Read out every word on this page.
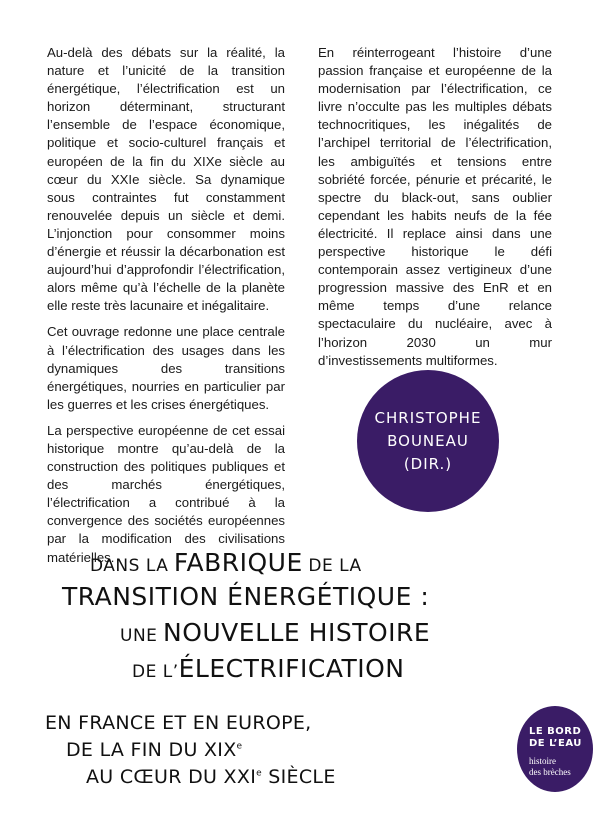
Au-delà des débats sur la réalité, la nature et l’unicité de la transition énergétique, l’électrification est un horizon déterminant, structurant l’ensemble de l’espace économique, politique et socio-culturel français et européen de la fin du XIXe siècle au cœur du XXIe siècle. Sa dynamique sous contraintes fut constamment renouvelée depuis un siècle et demi. L’injonction pour consommer moins d’énergie et réussir la décarbonation est aujourd’hui d’approfondir l’électrification, alors même qu’à l’échelle de la planète elle reste très lacunaire et inégalitaire.

Cet ouvrage redonne une place centrale à l’électrification des usages dans les dynamiques des transitions énergétiques, nourries en particulier par les guerres et les crises énergétiques.

La perspective européenne de cet essai historique montre qu’au-delà de la construction des politiques publiques et des marchés énergétiques, l’électrification a contribué à la convergence des sociétés européennes par la modification des civilisations matérielles.

En réinterrogeant l’histoire d’une passion française et européenne de la modernisation par l’électrification, ce livre n’occulte pas les multiples débats technocritiques, les inégalités de l’archipel territorial de l’électrification, les ambiguïtés et tensions entre sobriété forcée, pénurie et précarité, le spectre du black-out, sans oublier cependant les habits neufs de la fée électricité. Il replace ainsi dans une perspective historique le défi contemporain assez vertigineux d’une progression massive des EnR et en même temps d’une relance spectaculaire du nucléaire, avec à l’horizon 2030 un mur d’investissements multiformes.

CHRISTOPHE
BOUNEAU
(DIR.)
DANS LA FABRIQUE DE LA
TRANSITION ÉNERGÉTIQUE :
UNE NOUVELLE HISTOIRE
DE L’ÉLECTRIFICATION
EN FRANCE ET EN EUROPE,
DE LA FIN DU XIXe
AU CŒUR DU XXIe SIÈCLE
LE BORD
DE L’EAU
histoire
des brèches
